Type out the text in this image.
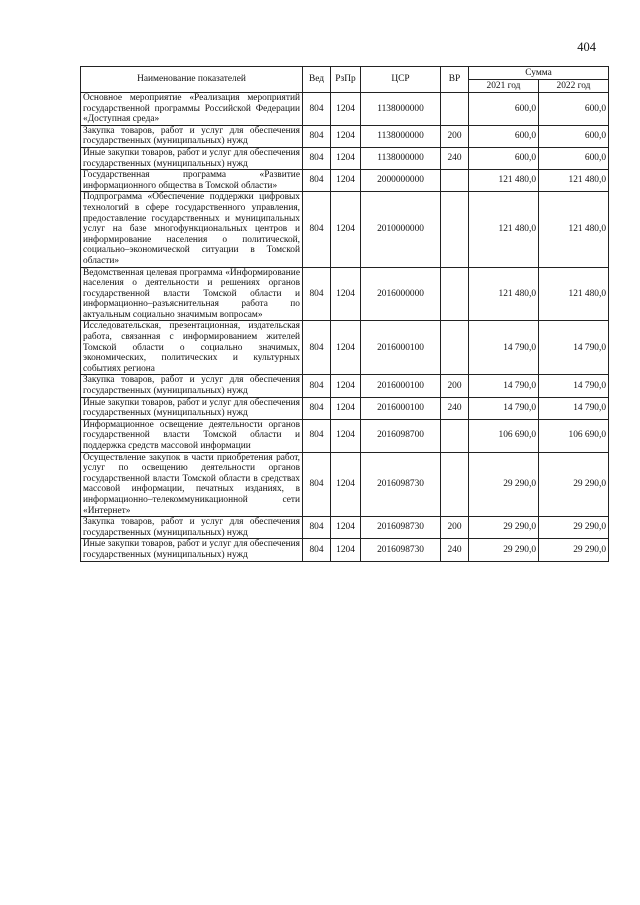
404
Наименование показателей	Вед	РзПр	ЦСР	ВР	Сумма	
					2021 год	2022 год
Основное мероприятие «Реализация мероприятий государственной программы Российской Федерации «Доступная среда»	804	1204	1138000000		600,0	600,0
Закупка товаров, работ и услуг для обеспечения государственных (муниципальных) нужд	804	1204	1138000000	200	600,0	600,0
Иные закупки товаров, работ и услуг для обеспечения государственных (муниципальных) нужд	804	1204	1138000000	240	600,0	600,0
Государственная программа «Развитие информационного общества в Томской области»	804	1204	2000000000		121 480,0	121 480,0
Подпрограмма «Обеспечение поддержки цифровых технологий в сфере государственного управления, предоставление государственных и муниципальных услуг на базе многофункциональных центров и информирование населения о политической, социально–экономической ситуации в Томской области»	804	1204	2010000000		121 480,0	121 480,0
Ведомственная целевая программа «Информирование населения о деятельности и решениях органов государственной власти Томской области и информационно–разъяснительная работа по актуальным социально значимым вопросам»	804	1204	2016000000		121 480,0	121 480,0
Исследовательская, презентационная, издательская работа, связанная с информированием жителей Томской области о социально значимых, экономических, политических и культурных событиях региона	804	1204	2016000100		14 790,0	14 790,0
Закупка товаров, работ и услуг для обеспечения государственных (муниципальных) нужд	804	1204	2016000100	200	14 790,0	14 790,0
Иные закупки товаров, работ и услуг для обеспечения государственных (муниципальных) нужд	804	1204	2016000100	240	14 790,0	14 790,0
Информационное освещение деятельности органов государственной власти Томской области и поддержка средств массовой информации	804	1204	2016098700		106 690,0	106 690,0
Осуществление закупок в части приобретения работ, услуг по освещению деятельности органов государственной власти Томской области в средствах массовой информации, печатных изданиях, в информационно–телекоммуникационной сети «Интернет»	804	1204	2016098730		29 290,0	29 290,0
Закупка товаров, работ и услуг для обеспечения государственных (муниципальных) нужд	804	1204	2016098730	200	29 290,0	29 290,0
Иные закупки товаров, работ и услуг для обеспечения государственных (муниципальных) нужд	804	1204	2016098730	240	29 290,0	29 290,0
